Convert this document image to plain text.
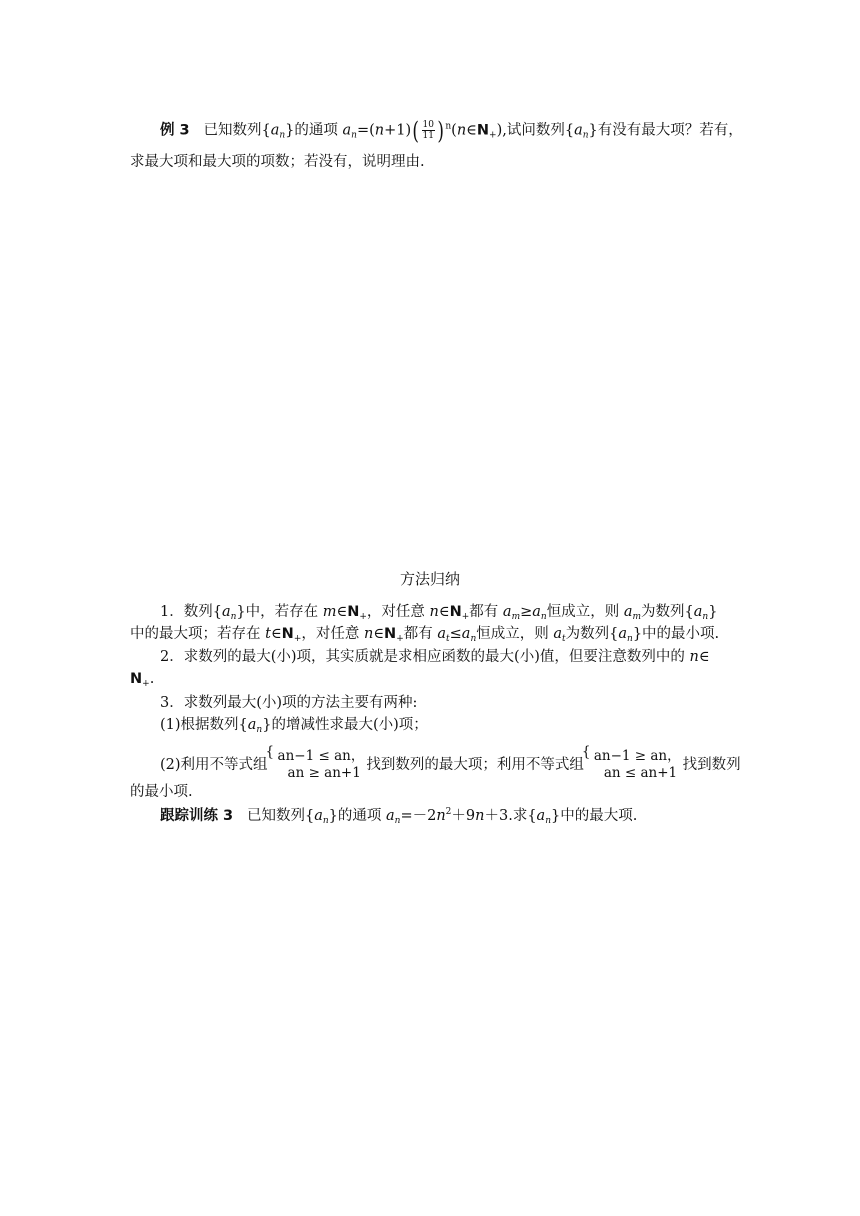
例 3 已知数列$\{a_n\}$的通项 $a_n=(n+1)( \frac{10}{11}$ )$^n(n\in N_+)$,试问数列$\{a_n\}$有没有最大项？若有，
求最大项和最大项的项数；若没有，说明理由.
方法归纳
1．数列$\{a_n\}$中，若存在 $m\in N_+$，对任意 $n\in N_+$都有 $a_m\ge a_n$恒成立，则 $a_m$为数列$\{a_n\}$
中的最大项；若存在 $t\in N_+$，对任意 $n\in N_+$都有 $a_t\le a_n$恒成立，则 $a_t$为数列$\{a_n\}$中的最小项.
2．求数列的最大(小)项，其实质就是求相应函数的最大(小)值，但要注意数列中的 n∈
$N_+$.
3．求数列最大(小)项的方法主要有两种:
(1)根据数列$\{a_n\}$的增减性求最大(小)项；
(2)利用不等式组
{ an−1 ≤ an，
an ≥ an+1 找到数列的最大项；利用不等式组
{ an−1 ≥ an，
an ≤ an+1 找到数列
的最小项.
跟踪训练 3 已知数列$\{a_n\}$的通项 $a_n=-2n^2+9n+3$.求$\{a_n\}$中的最大项.
